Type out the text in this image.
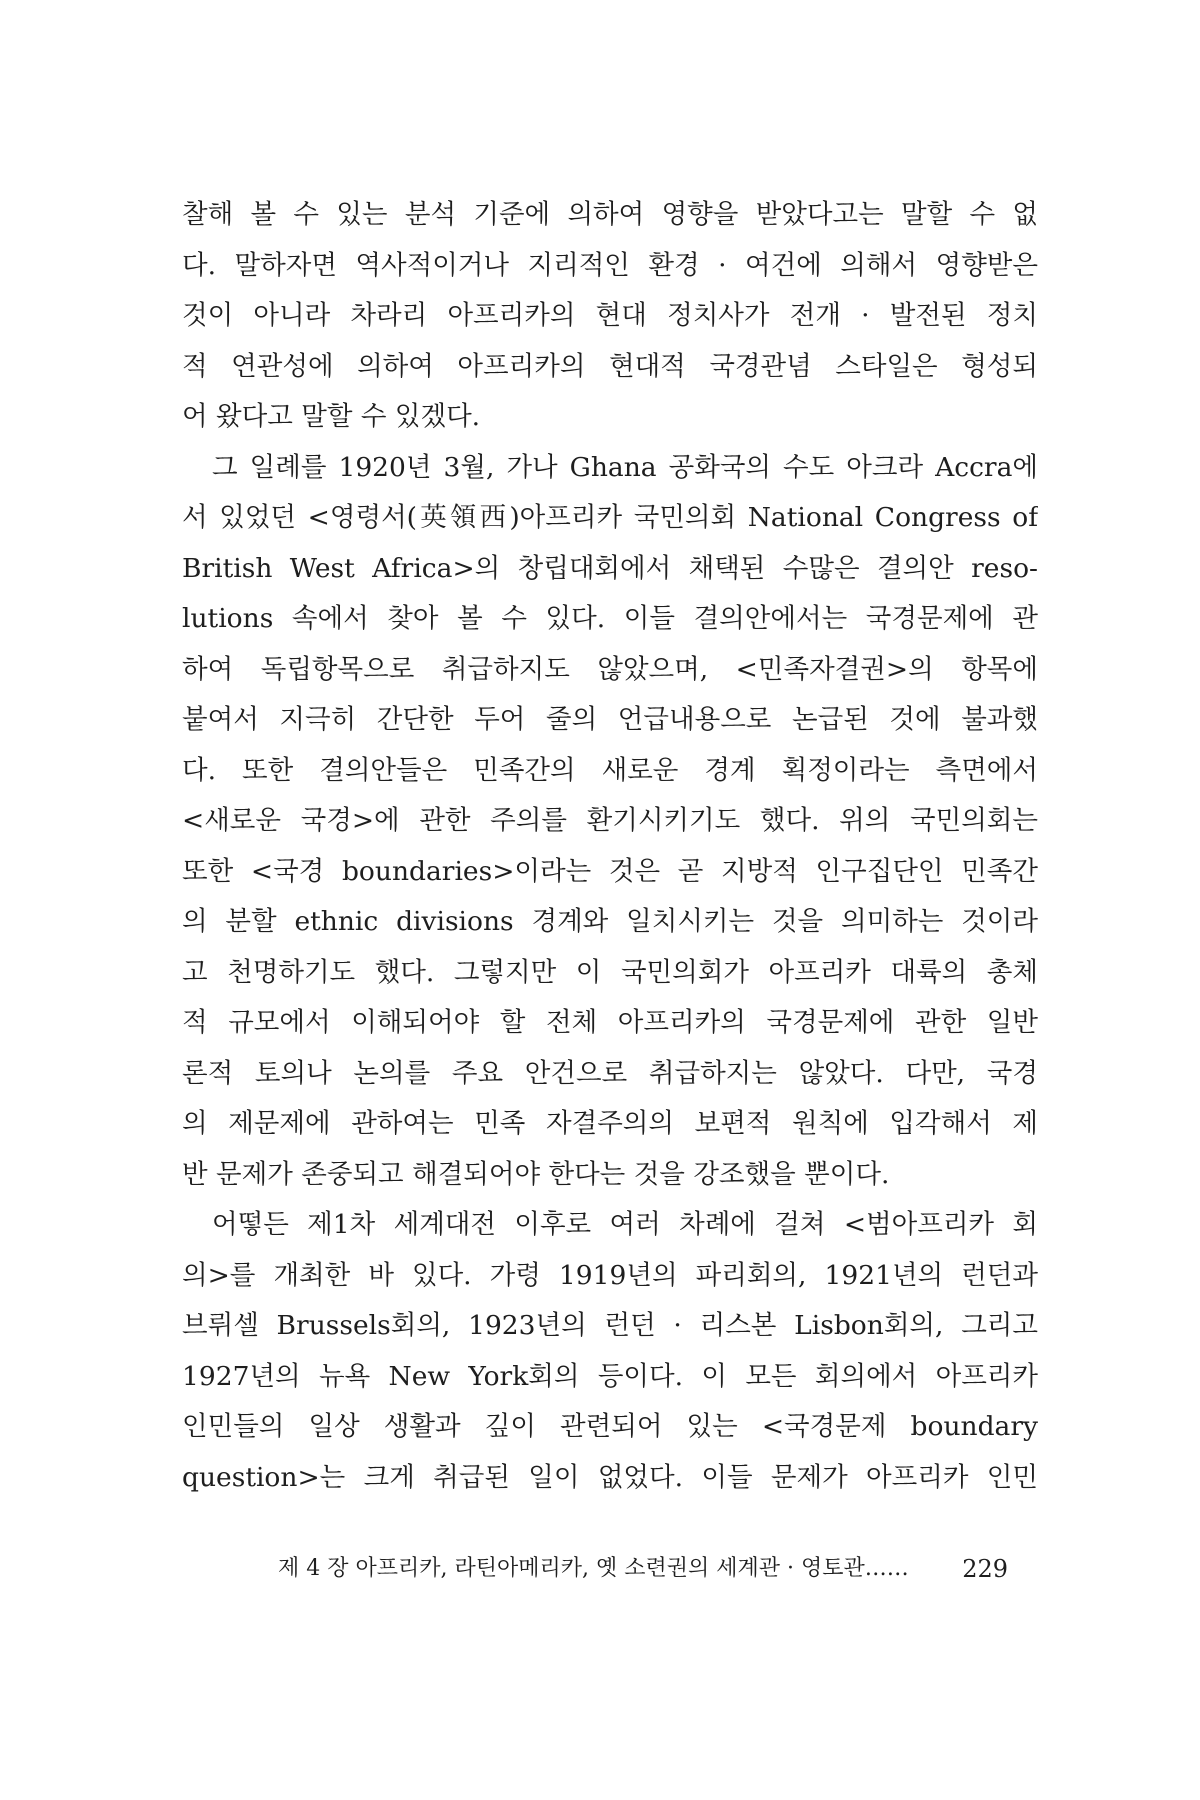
찰해 볼 수 있는 분석 기준에 의하여 영향을 받았다고는 말할 수 없
다. 말하자면 역사적이거나 지리적인 환경 · 여건에 의해서 영향받은
것이 아니라 차라리 아프리카의 현대 정치사가 전개 · 발전된 정치
적 연관성에 의하여 아프리카의 현대적 국경관념 스타일은 형성되
어 왔다고 말할 수 있겠다.
그 일례를 1920년 3월, 가나 Ghana 공화국의 수도 아크라 Accra에
서 있었던 <영령서(英領西)아프리카 국민의회 National Congress of
British West Africa>의 창립대회에서 채택된 수많은 결의안 reso-
lutions 속에서 찾아 볼 수 있다. 이들 결의안에서는 국경문제에 관
하여 독립항목으로 취급하지도 않았으며, <민족자결권>의 항목에
붙여서 지극히 간단한 두어 줄의 언급내용으로 논급된 것에 불과했
다. 또한 결의안들은 민족간의 새로운 경계 획정이라는 측면에서
<새로운 국경>에 관한 주의를 환기시키기도 했다. 위의 국민의회는
또한 <국경 boundaries>이라는 것은 곧 지방적 인구집단인 민족간
의 분할 ethnic divisions 경계와 일치시키는 것을 의미하는 것이라
고 천명하기도 했다. 그렇지만 이 국민의회가 아프리카 대륙의 총체
적 규모에서 이해되어야 할 전체 아프리카의 국경문제에 관한 일반
론적 토의나 논의를 주요 안건으로 취급하지는 않았다. 다만, 국경
의 제문제에 관하여는 민족 자결주의의 보편적 원칙에 입각해서 제
반 문제가 존중되고 해결되어야 한다는 것을 강조했을 뿐이다.
어떻든 제1차 세계대전 이후로 여러 차례에 걸쳐 <범아프리카 회
의>를 개최한 바 있다. 가령 1919년의 파리회의, 1921년의 런던과
브뤼셀 Brussels회의, 1923년의 런던 · 리스본 Lisbon회의, 그리고
1927년의 뉴욕 New York회의 등이다. 이 모든 회의에서 아프리카
인민들의 일상 생활과 깊이 관련되어 있는 <국경문제 boundary
question>는 크게 취급된 일이 없었다. 이들 문제가 아프리카 인민
제 4 장 아프리카, 라틴아메리카, 옛 소련권의 세계관 · 영토관…… 229
